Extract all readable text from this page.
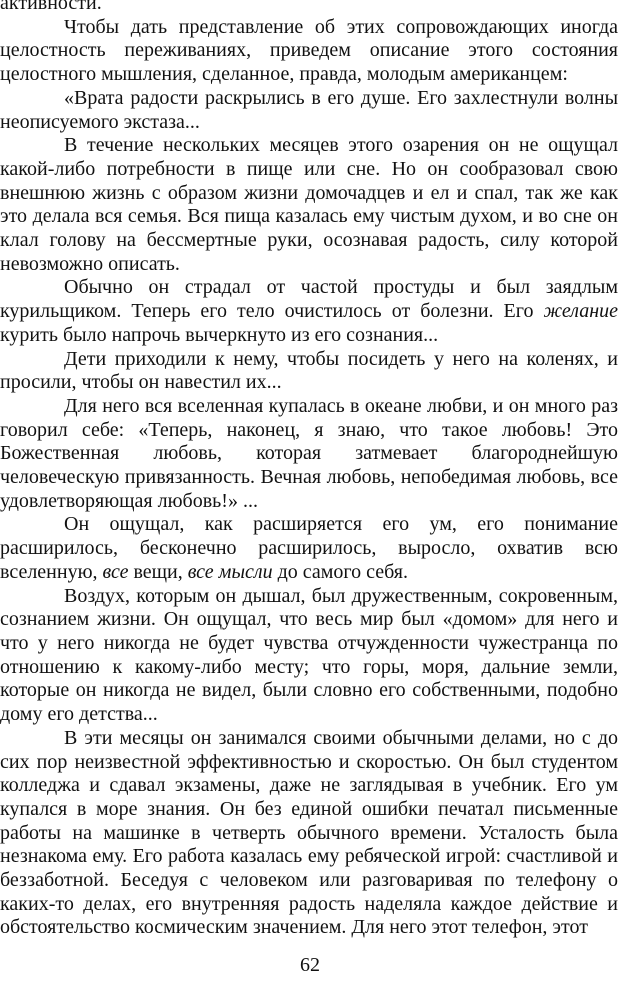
активности.

Чтобы дать представление об этих сопровождающих иногда целостность переживаниях, приведем описание этого состояния целостного мышления, сделанное, правда, молодым американцем:

«Врата радости раскрылись в его душе. Его захлестнули волны неописуемого экстаза...

В течение нескольких месяцев этого озарения он не ощущал какой-либо потребности в пище или сне. Но он сообразовал свою внешнюю жизнь с образом жизни домочадцев и ел и спал, так же как это делала вся семья. Вся пища казалась ему чистым духом, и во сне он клал голову на бессмертные руки, осознавая радость, силу которой невозможно описать.

Обычно он страдал от частой простуды и был заядлым курильщиком. Теперь его тело очистилось от болезни. Его желание курить было напрочь вычеркнуто из его сознания...

Дети приходили к нему, чтобы посидеть у него на коленях, и просили, чтобы он навестил их...

Для него вся вселенная купалась в океане любви, и он много раз говорил себе: «Теперь, наконец, я знаю, что такое любовь! Это Божественная любовь, которая затмевает благороднейшую человеческую привязанность. Вечная любовь, непобедимая любовь, все удовлетворяющая любовь!» ...

Он ощущал, как расширяется его ум, его понимание расширилось, бесконечно расширилось, выросло, охватив всю вселенную, все вещи, все мысли до самого себя.

Воздух, которым он дышал, был дружественным, сокровенным, сознанием жизни. Он ощущал, что весь мир был «домом» для него и что у него никогда не будет чувства отчужденности чужестранца по отношению к какому-либо месту; что горы, моря, дальние земли, которые он никогда не видел, были словно его собственными, подобно дому его детства...

В эти месяцы он занимался своими обычными делами, но с до сих пор неизвестной эффективностью и скоростью. Он был студентом колледжа и сдавал экзамены, даже не заглядывая в учебник. Его ум купался в море знания. Он без единой ошибки печатал письменные работы на машинке в четверть обычного времени. Усталость была незнакома ему. Его работа казалась ему ребяческой игрой: счастливой и беззаботной. Беседуя с человеком или разговаривая по телефону о каких-то делах, его внутренняя радость наделяла каждое действие и обстоятельство космическим значением. Для него этот телефон, этот

62
